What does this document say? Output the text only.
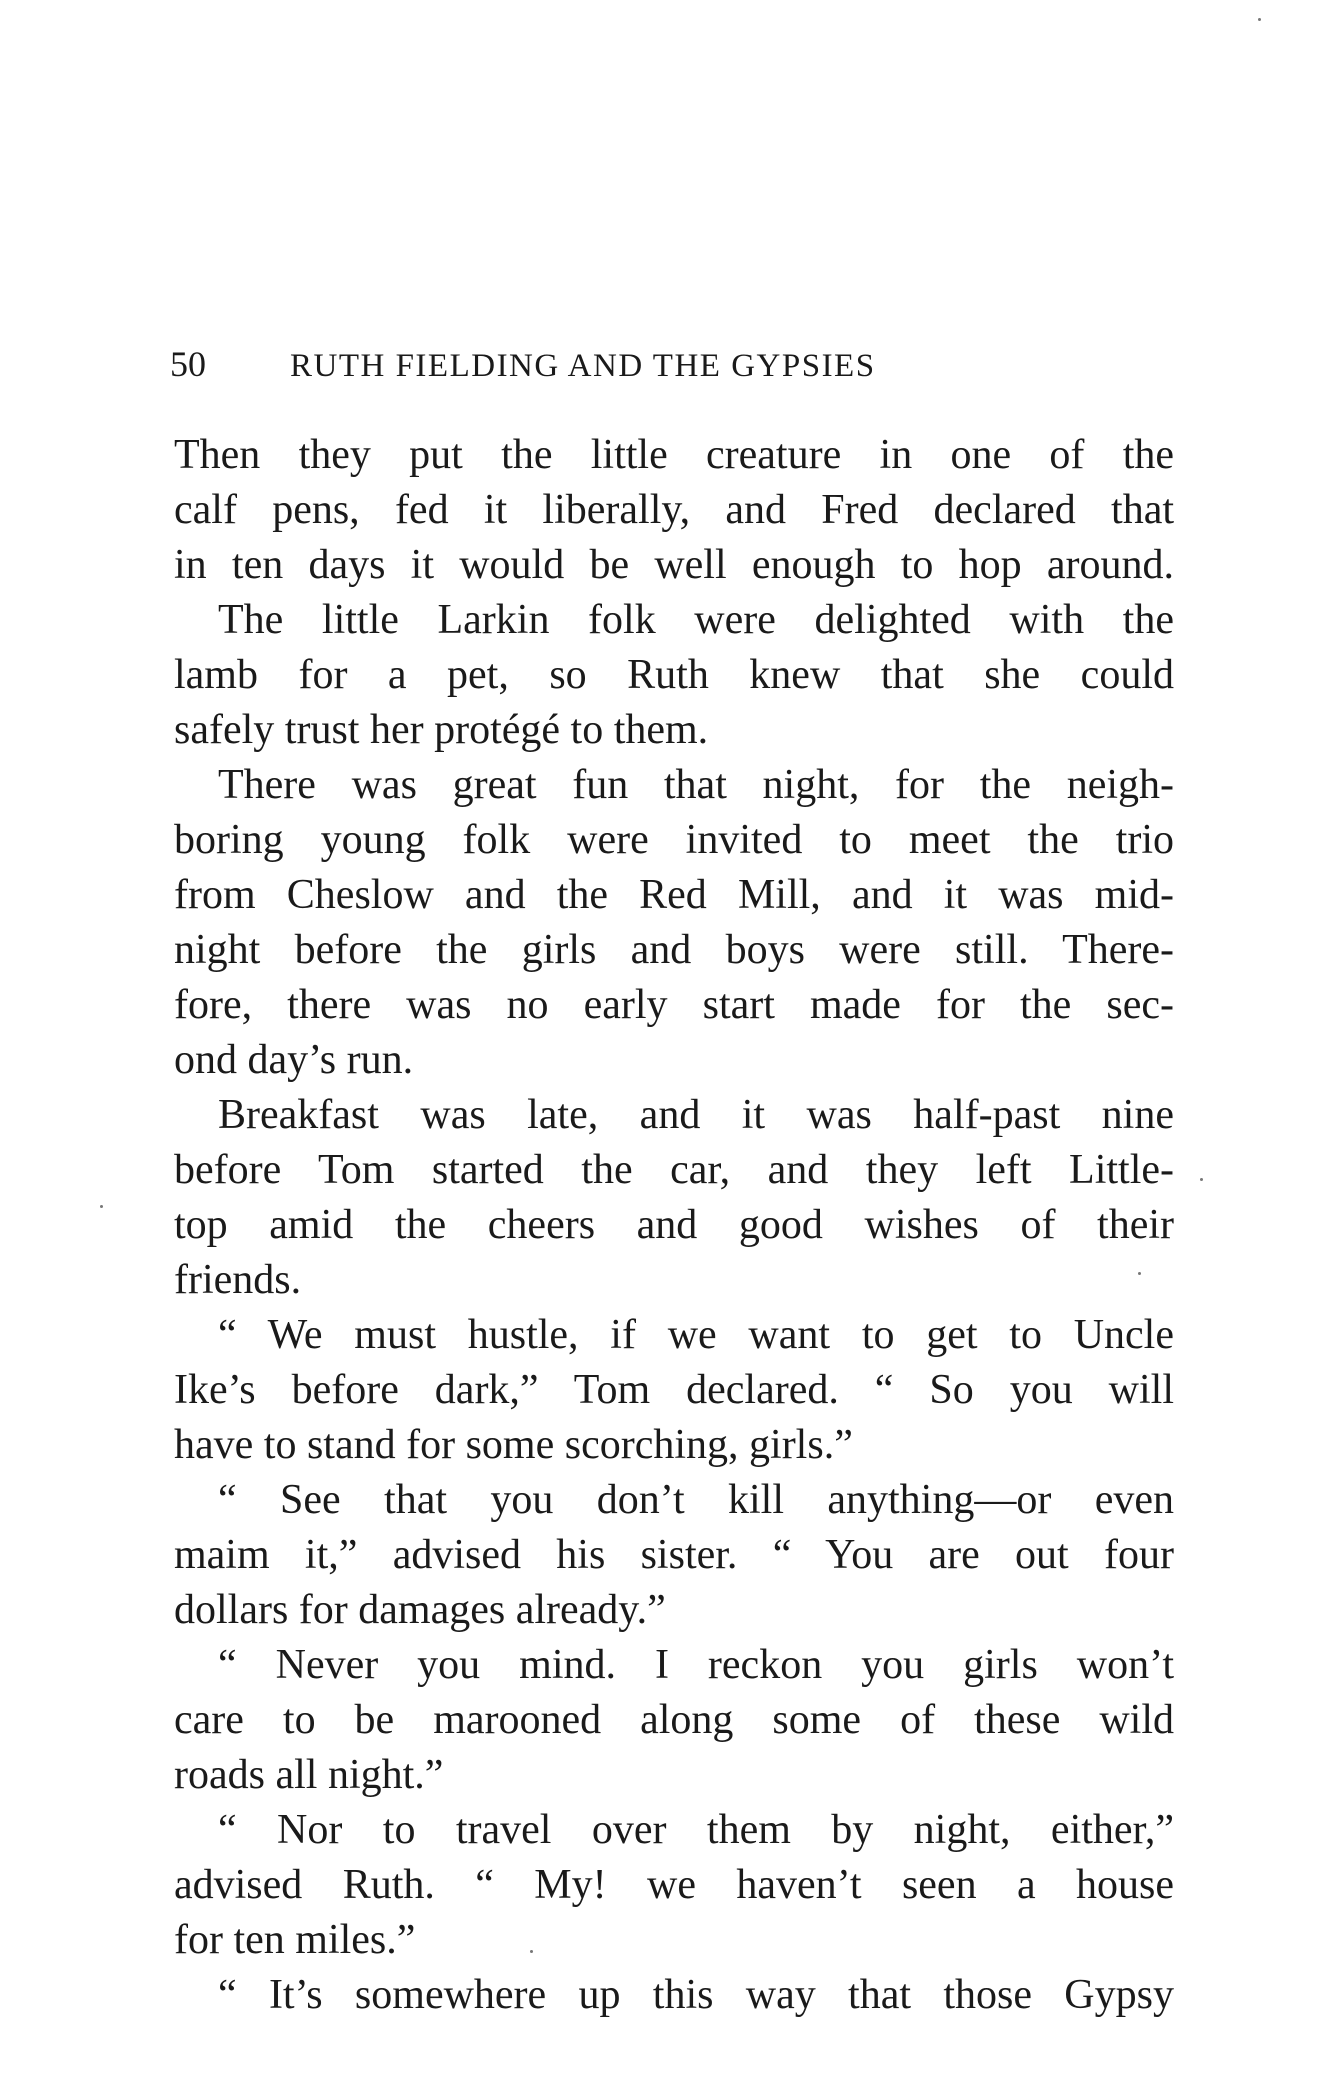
50	RUTH FIELDING AND THE GYPSIES
Then they put the little creature in one of the
calf pens, fed it liberally, and Fred declared that
in ten days it would be well enough to hop around.
The little Larkin folk were delighted with the
lamb for a pet, so Ruth knew that she could
safely trust her protégé to them.
There was great fun that night, for the neigh-
boring young folk were invited to meet the trio
from Cheslow and the Red Mill, and it was mid-
night before the girls and boys were still. There-
fore, there was no early start made for the sec-
ond day’s run.
Breakfast was late, and it was half-past nine
before Tom started the car, and they left Little-
top amid the cheers and good wishes of their
friends.
“ We must hustle, if we want to get to Uncle
Ike’s before dark,” Tom declared. “ So you will
have to stand for some scorching, girls.”
“ See that you don’t kill anything—or even
maim it,” advised his sister. “ You are out four
dollars for damages already.”
“ Never you mind. I reckon you girls won’t
care to be marooned along some of these wild
roads all night.”
“ Nor to travel over them by night, either,”
advised Ruth. “ My! we haven’t seen a house
for ten miles.”
“ It’s somewhere up this way that those Gypsy
